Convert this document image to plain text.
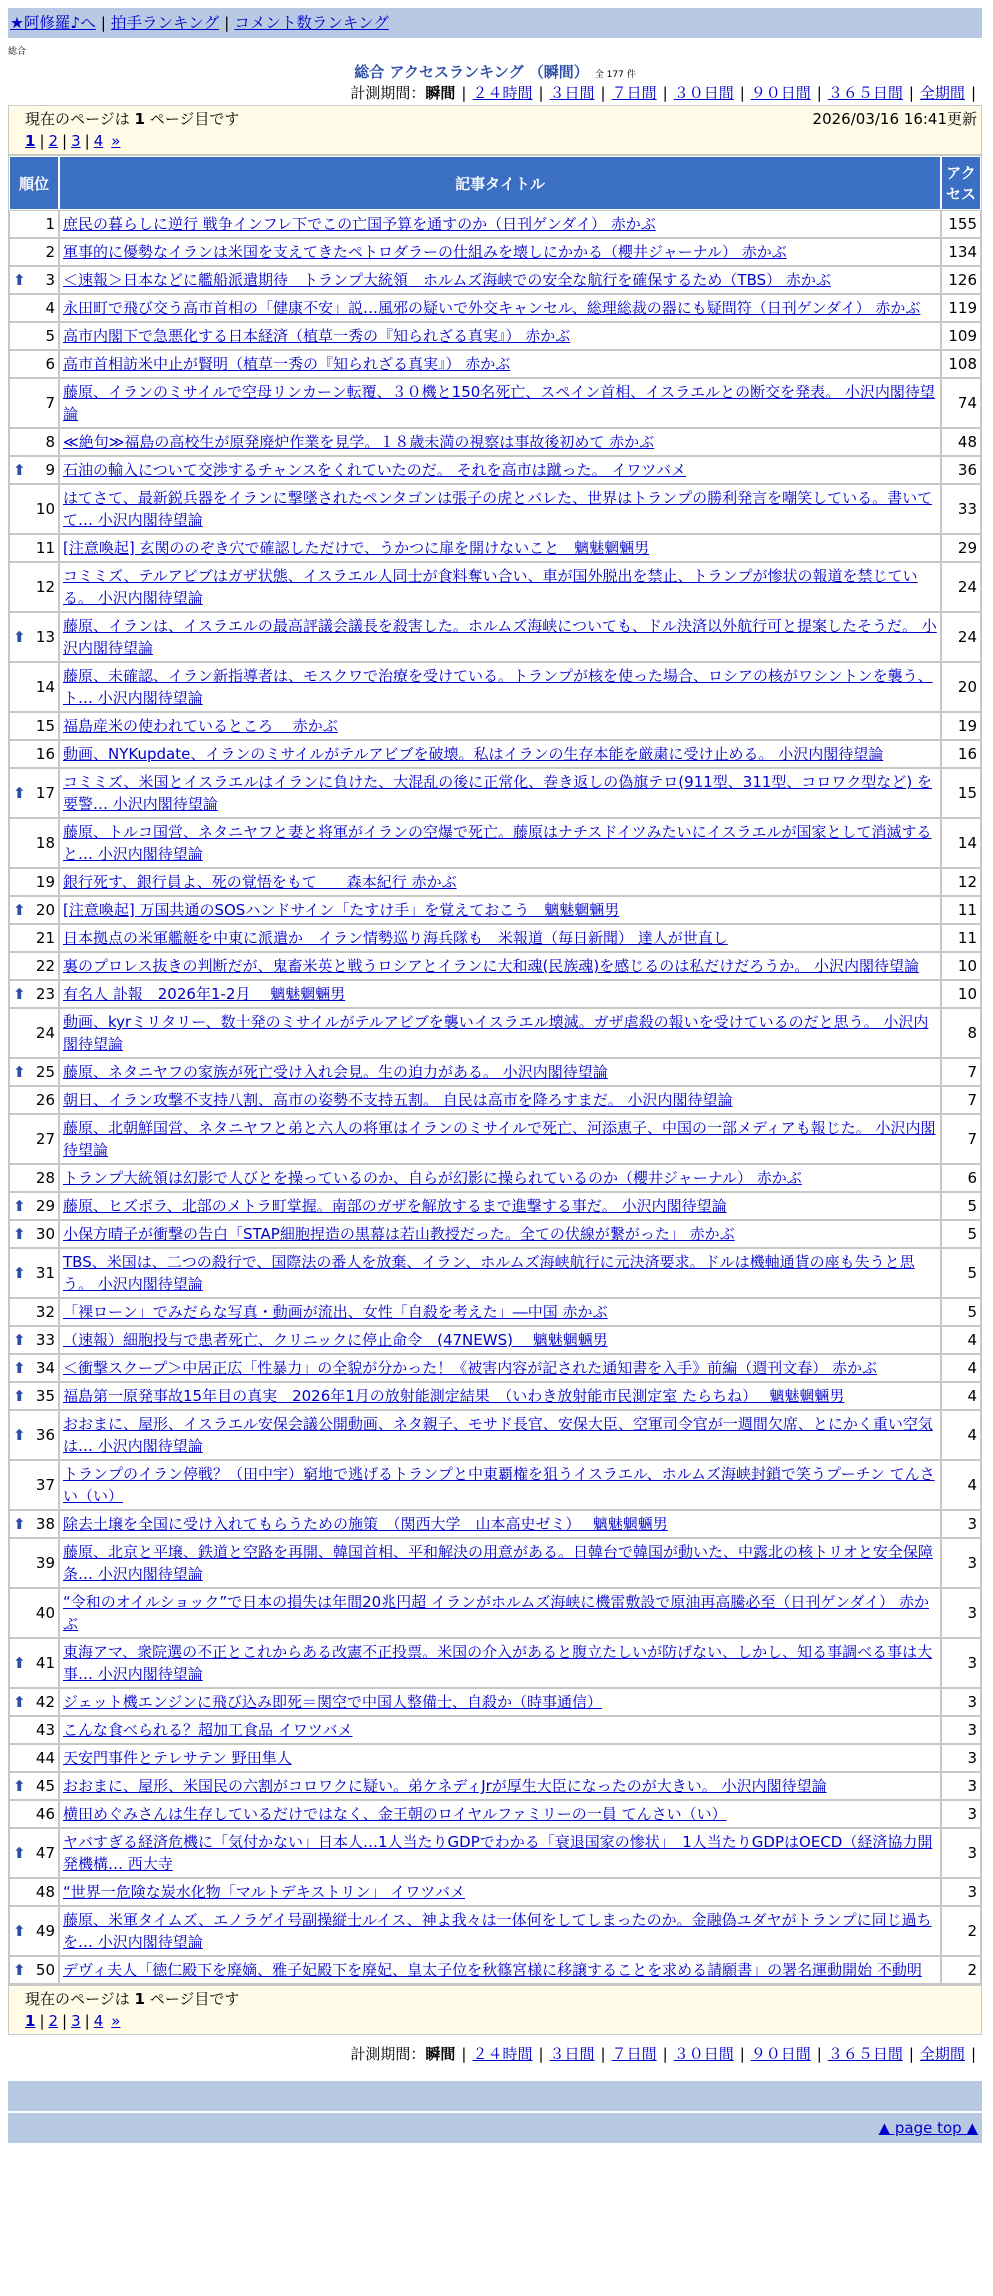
★阿修羅♪へ | 拍手ランキング | コメント数ランキング
総合
総合 アクセスランキング （瞬間） 全 177 件
計測期間：瞬間 | ２４時間 | ３日間 | ７日間 | ３０日間 | ９０日間 | ３６５日間 | 全期間 |
現在のページは 1 ページ目です	2026/03/16 16:41更新
1 | 2 | 3 | 4 »
順位	記事タイトル	アクセス
1	庶民の暮らしに逆行 戦争インフレ下でこの亡国予算を通すのか（日刊ゲンダイ） 赤かぶ	155
2	軍事的に優勢なイランは米国を支えてきたペトロダラーの仕組みを壊しにかかる（櫻井ジャーナル） 赤かぶ	134

⬆ 3	＜速報＞日本などに艦船派遣期待　トランプ大統領　ホルムズ海峡での安全な航行を確保するため（TBS） 赤かぶ	126
4	永田町で飛び交う高市首相の「健康不安」説…風邪の疑いで外交キャンセル、総理総裁の器にも疑問符（日刊ゲンダイ） 赤かぶ	119
5	高市内閣下で急悪化する日本経済（植草一秀の『知られざる真実』） 赤かぶ	109
6	高市首相訪米中止が賢明（植草一秀の『知られざる真実』） 赤かぶ	108
7	藤原、イランのミサイルで空母リンカーン転覆、３０機と150名死亡、スペイン首相、イスラエルとの断交を発表。 小沢内閣待望論	74
8	≪絶句≫福島の高校生が原発廃炉作業を見学。１８歳未満の視察は事故後初めて 赤かぶ	48

⬆ 9	石油の輸入について交渉するチャンスをくれていたのだ。 それを高市は蹴った。 イワツバメ	36
10	はてさて、最新鋭兵器をイランに撃墜されたペンタゴンは張子の虎とバレた、世界はトランプの勝利発言を嘲笑している。書いてて… 小沢内閣待望論	33
11	[注意喚起] 玄関ののぞき穴で確認しただけで、うかつに扉を開けないこと　魑魅魍魎男	29
12	コミミズ、テルアビブはガザ状態、イスラエル人同士が食料奪い合い、車が国外脱出を禁止、トランプが惨状の報道を禁じている。 小沢内閣待望論	24

⬆ 13	藤原、イランは、イスラエルの最高評議会議長を殺害した。ホルムズ海峡についても、ドル決済以外航行可と提案したそうだ。 小沢内閣待望論	24
14	藤原、未確認、イラン新指導者は、モスクワで治療を受けている。トランプが核を使った場合、ロシアの核がワシントンを襲う、ト… 小沢内閣待望論	20
15	福島産米の使われているところ　 赤かぶ	19
16	動画、NYKupdate、イランのミサイルがテルアビブを破壊。私はイランの生存本能を厳粛に受け止める。 小沢内閣待望論	16

⬆ 17	コミミズ、米国とイスラエルはイランに負けた、大混乱の後に正常化、巻き返しの偽旗テロ(911型、311型、コロワク型など) を要警… 小沢内閣待望論	15
18	藤原、トルコ国営、ネタニヤフと妻と将軍がイランの空爆で死亡。藤原はナチスドイツみたいにイスラエルが国家として消滅すると… 小沢内閣待望論	14
19	銀行死す、銀行員よ、死の覚悟をもて　　森本紀行 赤かぶ	12

⬆ 20	[注意喚起] 万国共通のSOSハンドサイン「たすけ手」を覚えておこう　魑魅魍魎男	11
21	日本拠点の米軍艦艇を中東に派遣か　イラン情勢巡り海兵隊も　米報道（毎日新聞） 達人が世直し	11
22	裏のプロレス抜きの判断だが、鬼畜米英と戦うロシアとイランに大和魂(民族魂)を感じるのは私だけだろうか。 小沢内閣待望論	10

⬆ 23	有名人 訃報　2026年1-2月　 魑魅魍魎男	10
24	動画、kyrミリタリー、数十発のミサイルがテルアビブを襲いイスラエル壊滅。ガザ虐殺の報いを受けているのだと思う。 小沢内閣待望論	8

⬆ 25	藤原、ネタニヤフの家族が死亡受け入れ会見。生の迫力がある。 小沢内閣待望論	7
26	朝日、イラン攻撃不支持八割、高市の姿勢不支持五割。 自民は高市を降ろすまだ。 小沢内閣待望論	7
27	藤原、北朝鮮国営、ネタニヤフと弟と六人の将軍はイランのミサイルで死亡、河添恵子、中国の一部メディアも報じた。 小沢内閣待望論	7
28	トランプ大統領は幻影で人びとを操っているのか、自らが幻影に操られているのか（櫻井ジャーナル） 赤かぶ	6

⬆ 29	藤原、ヒズボラ、北部のメトラ町掌握。南部のガザを解放するまで進撃する事だ。 小沢内閣待望論	5

⬆ 30	小保方晴子が衝撃の告白「STAP細胞捏造の黒幕は若山教授だった。全ての伏線が繋がった」 赤かぶ	5

⬆ 31	TBS、米国は、二つの殺行で、国際法の番人を放棄、イラン、ホルムズ海峡航行に元決済要求。ドルは機軸通貨の座も失うと思う。 小沢内閣待望論	5
32	「裸ローン」でみだらな写真・動画が流出、女性「自殺を考えた」―中国 赤かぶ	5

⬆ 33	（速報）細胞投与で患者死亡、クリニックに停止命令　(47NEWS)　 魑魅魍魎男	4

⬆ 34	＜衝撃スクープ＞中居正広「性暴力」の全貌が分かった！《被害内容が記された通知書を入手》前編（週刊文春） 赤かぶ	4

⬆ 35	福島第一原発事故15年目の真実　2026年1月の放射能測定結果　（いわき放射能市民測定室 たらちね）　 魑魅魍魎男	4

⬆ 36	おおまに、屋形、イスラエル安保会議公開動画、ネタ親子、モサド長官、安保大臣、空軍司令官が一週間欠席、とにかく重い空気は… 小沢内閣待望論	4
37	トランプのイラン停戦？（田中宇）窮地で逃げるトランプと中東覇権を狙うイスラエル、ホルムズ海峡封鎖で笑うプーチン てんさい（い）	4

⬆ 38	除去土壌を全国に受け入れてもらうための施策　（関西大学　山本高史ゼミ）　 魑魅魍魎男	3
39	藤原、北京と平壌、鉄道と空路を再開、韓国首相、平和解決の用意がある。日韓台で韓国が動いた、中露北の核トリオと安全保障条… 小沢内閣待望論	3
40	“令和のオイルショック”で日本の損失は年間20兆円超 イランがホルムズ海峡に機雷敷設で原油再高騰必至（日刊ゲンダイ） 赤かぶ	3

⬆ 41	東海アマ、衆院選の不正とこれからある改憲不正投票。米国の介入があると腹立たしいが防げない、しかし、知る事調べる事は大事… 小沢内閣待望論	3

⬆ 42	ジェット機エンジンに飛び込み即死＝関空で中国人整備士、自殺か（時事通信）	3
43	こんな食べられる？超加工食品 イワツバメ	3
44	天安門事件とテレサテン 野田隼人	3

⬆ 45	おおまに、屋形、米国民の六割がコロワクに疑い。弟ケネディJrが厚生大臣になったのが大きい。 小沢内閣待望論	3
46	横田めぐみさんは生存しているだけではなく、金王朝のロイヤルファミリーの一員 てんさい（い）	3

⬆ 47	ヤバすぎる経済危機に「気付かない」日本人…1人当たりGDPでわかる「衰退国家の惨状」　1人当たりGDPはOECD（経済協力開発機構… 西大寺	3
48	“世界一危険な炭水化物「マルトデキストリン」 イワツバメ	3

⬆ 49	藤原、米軍タイムズ、エノラゲイ号副操縦士ルイス、神よ我々は一体何をしてしまったのか。金融偽ユダヤがトランプに同じ過ちを… 小沢内閣待望論	2

⬆ 50	デヴィ夫人「徳仁殿下を廃嫡、雅子妃殿下を廃妃、皇太子位を秋篠宮様に移譲することを求める請願書」の署名運動開始 不動明	2
現在のページは 1 ページ目です
1 | 2 | 3 | 4 »
計測期間：瞬間 | ２４時間 | ３日間 | ７日間 | ３０日間 | ９０日間 | ３６５日間 | 全期間 |
▲ page top ▲
